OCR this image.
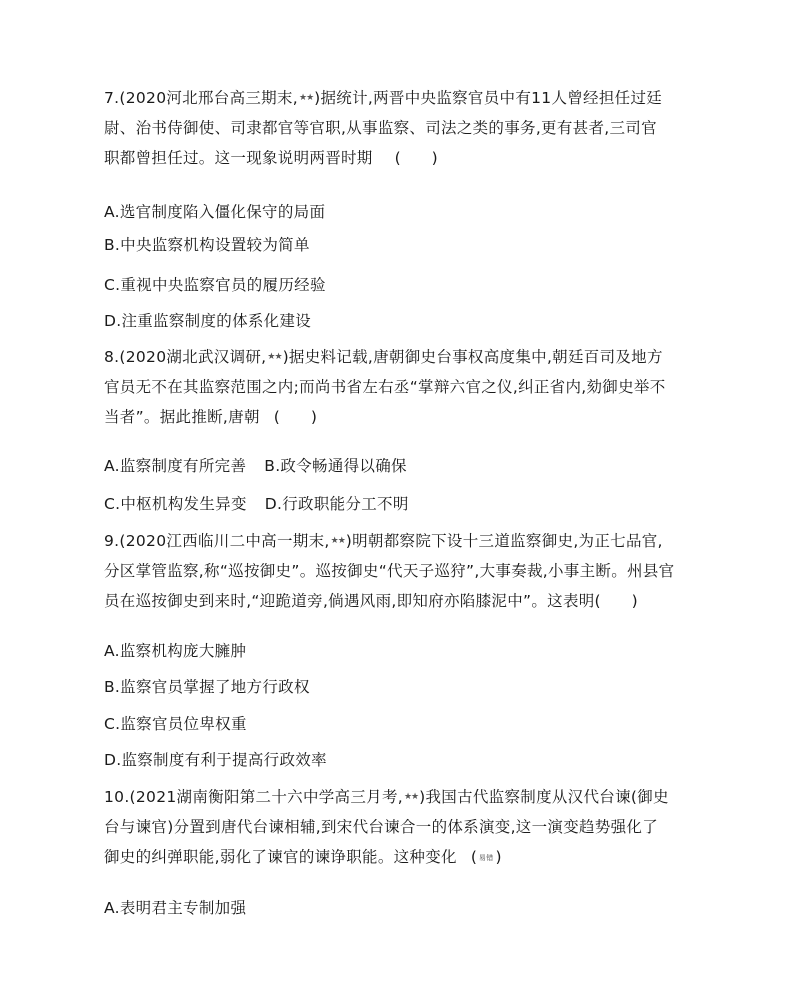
7.(2020河北邢台高三期末,★★)据统计,两晋中央监察官员中有11人曾经担任过廷
尉、治书侍御使、司隶都官等官职,从事监察、司法之类的事务,更有甚者,三司官
职都曾担任过。这一现象说明两晋时期 (　　)
A.选官制度陷入僵化保守的局面
B.中央监察机构设置较为简单
C.重视中央监察官员的履历经验
D.注重监察制度的体系化建设
8.(2020湖北武汉调研,★★)据史料记载,唐朝御史台事权高度集中,朝廷百司及地方
官员无不在其监察范围之内;而尚书省左右丞“掌辩六官之仪,纠正省内,劾御史举不
当者”。据此推断,唐朝 (　　)
A.监察制度有所完善 B.政令畅通得以确保
C.中枢机构发生异变 D.行政职能分工不明
9.(2020江西临川二中高一期末,★★)明朝都察院下设十三道监察御史,为正七品官,
分区掌管监察,称“巡按御史”。巡按御史“代天子巡狩”,大事奏裁,小事主断。州县官
员在巡按御史到来时,“迎跪道旁,倘遇风雨,即知府亦陷膝泥中”。这表明(　　)
A.监察机构庞大臃肿
B.监察官员掌握了地方行政权
C.监察官员位卑权重
D.监察制度有利于提高行政效率
10.(2021湖南衡阳第二十六中学高三月考,★★)我国古代监察制度从汉代台谏(御史
台与谏官)分置到唐代台谏相辅,到宋代台谏合一的体系演变,这一演变趋势强化了
御史的纠弹职能,弱化了谏官的谏诤职能。这种变化 ( 易错 )
A.表明君主专制加强
